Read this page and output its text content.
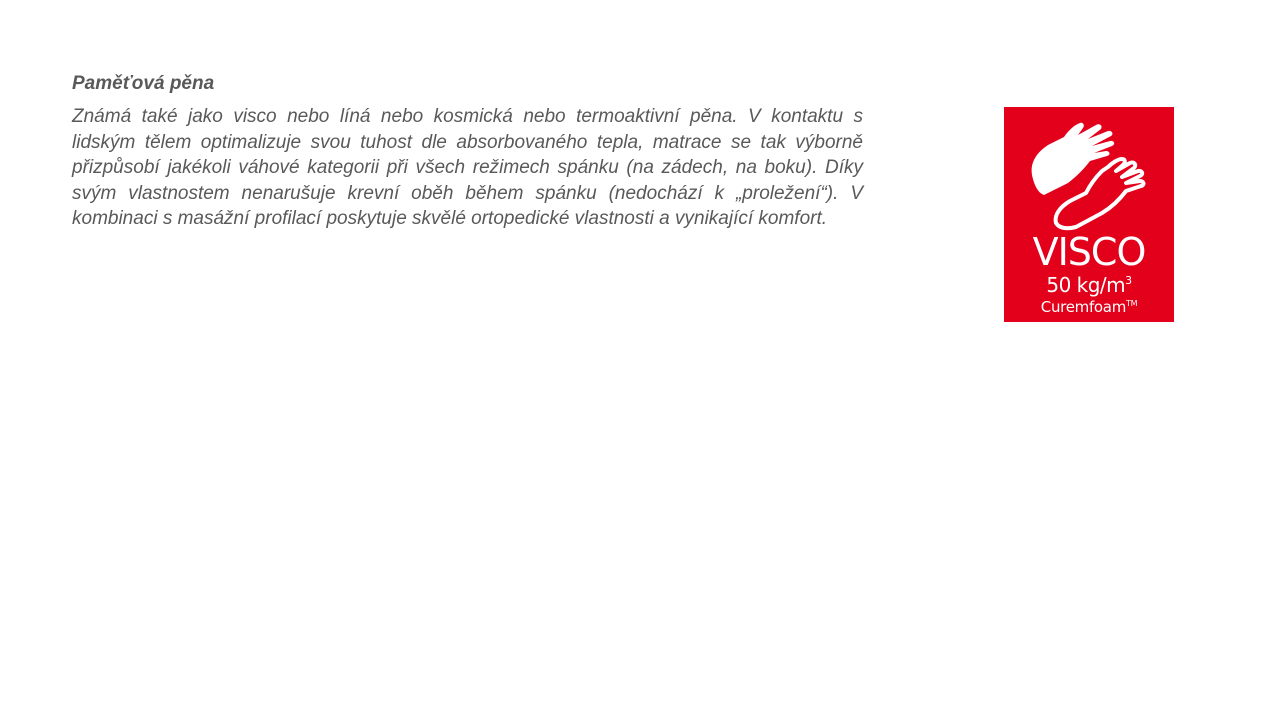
Paměťová pěna

Známá také jako visco nebo líná nebo kosmická nebo termoaktivní pěna. V kontaktu s lidským tělem optimalizuje svou tuhost dle absorbovaného tepla, matrace se tak výborně přizpůsobí jakékoli váhové kategorii při všech režimech spánku (na zádech, na boku). Díky svým vlastnostem nenarušuje krevní oběh během spánku (nedochází k „proležení“). V kombinaci s masážní profilací poskytuje skvělé ortopedické vlastnosti a vynikající komfort.

VISCO
50 $kg/m^3$
Curemfoam™
